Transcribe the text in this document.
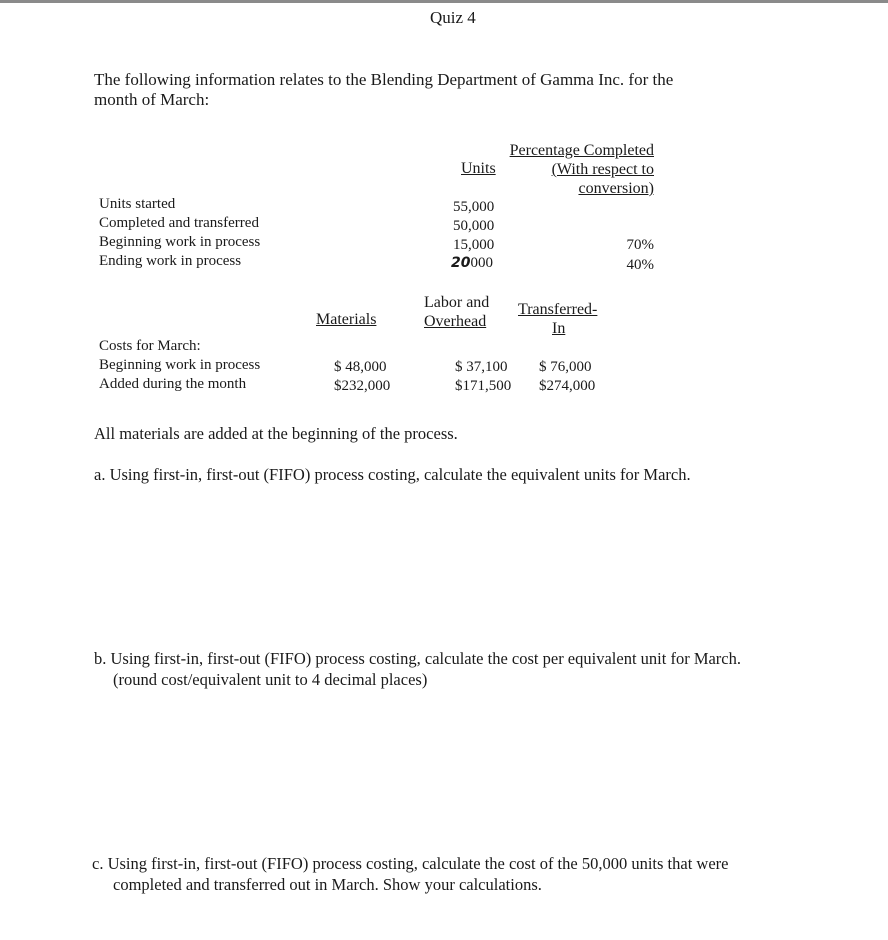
Quiz 4
The following information relates to the Blending Department of Gamma Inc. for the
month of March:
Units
Percentage Completed
(With respect to
conversion)
Units started
Completed and transferred
Beginning work in process
Ending work in process
55,000
50,000
15,000
20000
70%
40%
Materials
Labor and
Overhead
Transferred-
In
Costs for March:
Beginning work in process
Added during the month
$ 48,000
$232,000
$ 37,100
$171,500
$ 76,000
$274,000
All materials are added at the beginning of the process.
a. Using first-in, first-out (FIFO) process costing, calculate the equivalent units for March.
b. Using first-in, first-out (FIFO) process costing, calculate the cost per equivalent unit for March.
(round cost/equivalent unit to 4 decimal places)
c. Using first-in, first-out (FIFO) process costing, calculate the cost of the 50,000 units that were
completed and transferred out in March. Show your calculations.
